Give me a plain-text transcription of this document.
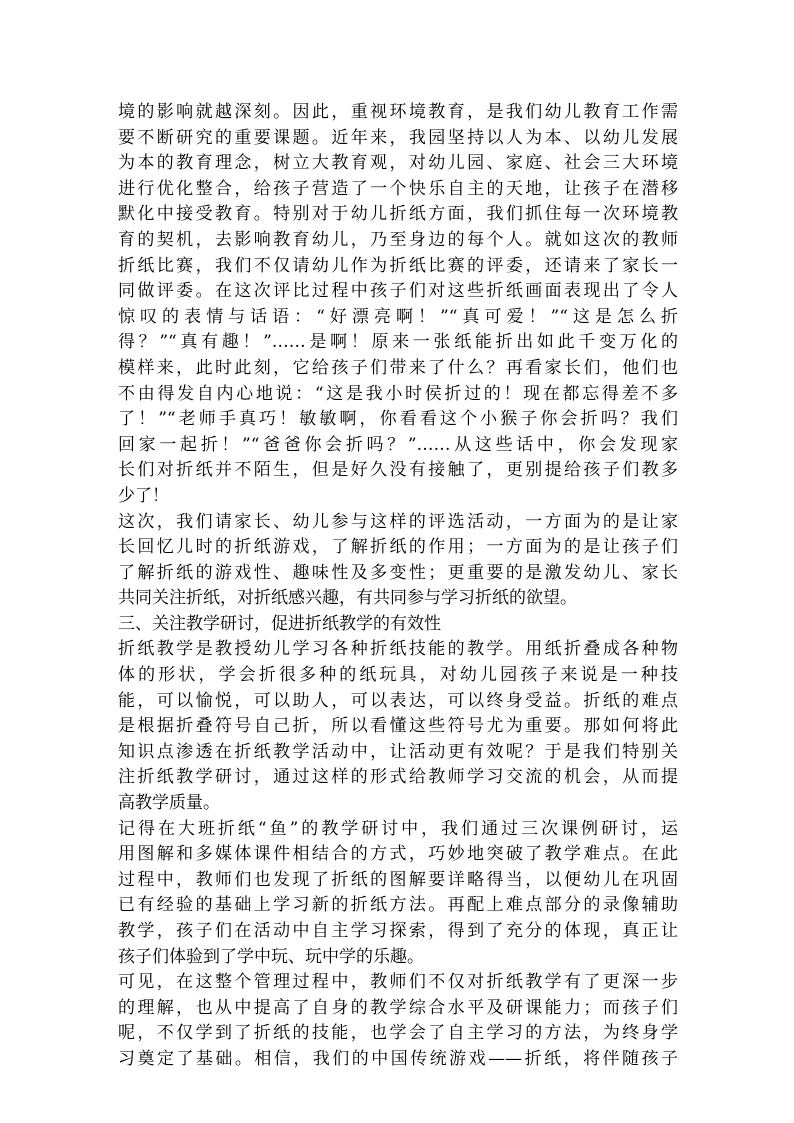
境的影响就越深刻。因此，重视环境教育，是我们幼儿教育工作需
要不断研究的重要课题。近年来，我园坚持以人为本、以幼儿发展
为本的教育理念，树立大教育观，对幼儿园、家庭、社会三大环境
进行优化整合，给孩子营造了一个快乐自主的天地，让孩子在潜移
默化中接受教育。特别对于幼儿折纸方面，我们抓住每一次环境教
育的契机，去影响教育幼儿，乃至身边的每个人。就如这次的教师
折纸比赛，我们不仅请幼儿作为折纸比赛的评委，还请来了家长一
同做评委。在这次评比过程中孩子们对这些折纸画面表现出了令人
惊叹的表情与话语：“好漂亮啊！”“真可爱！”“这是怎么折
得？”“真有趣！”……是啊！原来一张纸能折出如此千变万化的
模样来，此时此刻，它给孩子们带来了什么？再看家长们，他们也
不由得发自内心地说：“这是我小时侯折过的！现在都忘得差不多
了！”“老师手真巧！敏敏啊，你看看这个小猴子你会折吗？我们
回家一起折！”“爸爸你会折吗？”……从这些话中，你会发现家
长们对折纸并不陌生，但是好久没有接触了，更别提给孩子们教多
少了！
这次，我们请家长、幼儿参与这样的评选活动，一方面为的是让家
长回忆儿时的折纸游戏，了解折纸的作用；一方面为的是让孩子们
了解折纸的游戏性、趣味性及多变性；更重要的是激发幼儿、家长
共同关注折纸，对折纸感兴趣，有共同参与学习折纸的欲望。
三、关注教学研讨，促进折纸教学的有效性
折纸教学是教授幼儿学习各种折纸技能的教学。用纸折叠成各种物
体的形状，学会折很多种的纸玩具，对幼儿园孩子来说是一种技
能，可以愉悦，可以助人，可以表达，可以终身受益。折纸的难点
是根据折叠符号自己折，所以看懂这些符号尤为重要。那如何将此
知识点渗透在折纸教学活动中，让活动更有效呢？于是我们特别关
注折纸教学研讨，通过这样的形式给教师学习交流的机会，从而提
高教学质量。
记得在大班折纸“鱼”的教学研讨中，我们通过三次课例研讨，运
用图解和多媒体课件相结合的方式，巧妙地突破了教学难点。在此
过程中，教师们也发现了折纸的图解要详略得当，以便幼儿在巩固
已有经验的基础上学习新的折纸方法。再配上难点部分的录像辅助
教学，孩子们在活动中自主学习探索，得到了充分的体现，真正让
孩子们体验到了学中玩、玩中学的乐趣。
可见，在这整个管理过程中，教师们不仅对折纸教学有了更深一步
的理解，也从中提高了自身的教学综合水平及研课能力；而孩子们
呢，不仅学到了折纸的技能，也学会了自主学习的方法，为终身学
习奠定了基础。相信，我们的中国传统游戏——折纸，将伴随孩子
